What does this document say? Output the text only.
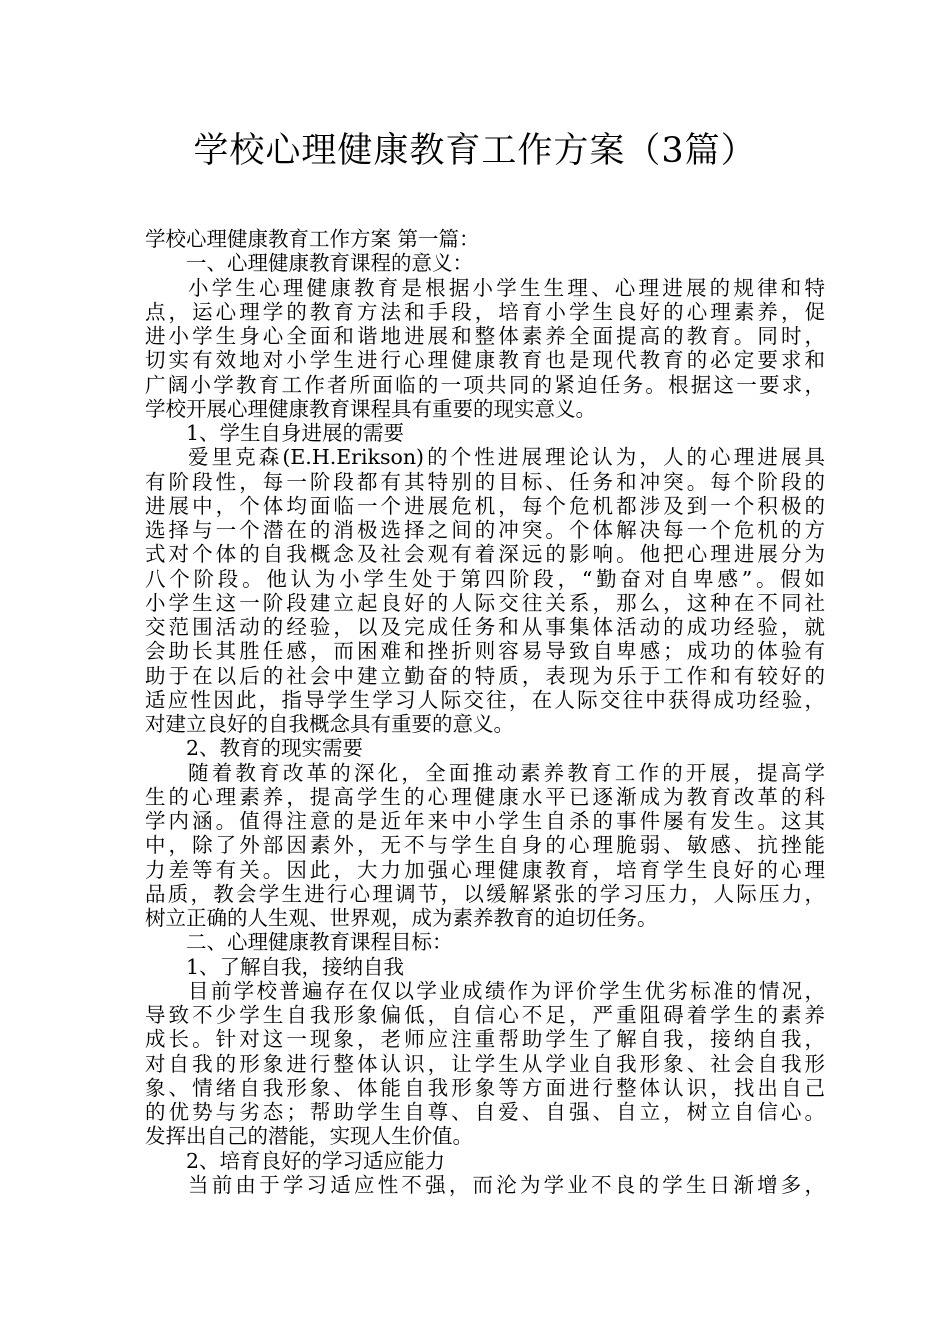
学校心理健康教育工作方案（3篇）
学校心理健康教育工作方案 第一篇：
一、心理健康教育课程的意义：
小学生心理健康教育是根据小学生生理、心理进展的规律和特
点，运心理学的教育方法和手段，培育小学生良好的心理素养，促
进小学生身心全面和谐地进展和整体素养全面提高的教育。同时，
切实有效地对小学生进行心理健康教育也是现代教育的必定要求和
广阔小学教育工作者所面临的一项共同的紧迫任务。根据这一要求，
学校开展心理健康教育课程具有重要的现实意义。
1、学生自身进展的需要
爱里克森(E.H.Erikson)的个性进展理论认为，人的心理进展具
有阶段性，每一阶段都有其特别的目标、任务和冲突。每个阶段的
进展中，个体均面临一个进展危机，每个危机都涉及到一个积极的
选择与一个潜在的消极选择之间的冲突。个体解决每一个危机的方
式对个体的自我概念及社会观有着深远的影响。他把心理进展分为
八个阶段。他认为小学生处于第四阶段，“勤奋对自卑感”。假如
小学生这一阶段建立起良好的人际交往关系，那么，这种在不同社
交范围活动的经验，以及完成任务和从事集体活动的成功经验，就
会助长其胜任感，而困难和挫折则容易导致自卑感；成功的体验有
助于在以后的社会中建立勤奋的特质，表现为乐于工作和有较好的
适应性因此，指导学生学习人际交往，在人际交往中获得成功经验，
对建立良好的自我概念具有重要的意义。
2、教育的现实需要
随着教育改革的深化，全面推动素养教育工作的开展，提高学
生的心理素养，提高学生的心理健康水平已逐渐成为教育改革的科
学内涵。值得注意的是近年来中小学生自杀的事件屡有发生。这其
中，除了外部因素外，无不与学生自身的心理脆弱、敏感、抗挫能
力差等有关。因此，大力加强心理健康教育，培育学生良好的心理
品质，教会学生进行心理调节，以缓解紧张的学习压力，人际压力，
树立正确的人生观、世界观，成为素养教育的迫切任务。
二、心理健康教育课程目标：
1、了解自我，接纳自我
目前学校普遍存在仅以学业成绩作为评价学生优劣标准的情况，
导致不少学生自我形象偏低，自信心不足，严重阻碍着学生的素养
成长。针对这一现象，老师应注重帮助学生了解自我，接纳自我，
对自我的形象进行整体认识，让学生从学业自我形象、社会自我形
象、情绪自我形象、体能自我形象等方面进行整体认识，找出自己
的优势与劣态；帮助学生自尊、自爱、自强、自立，树立自信心。
发挥出自己的潜能，实现人生价值。
2、培育良好的学习适应能力
当前由于学习适应性不强，而沦为学业不良的学生日渐增多，
